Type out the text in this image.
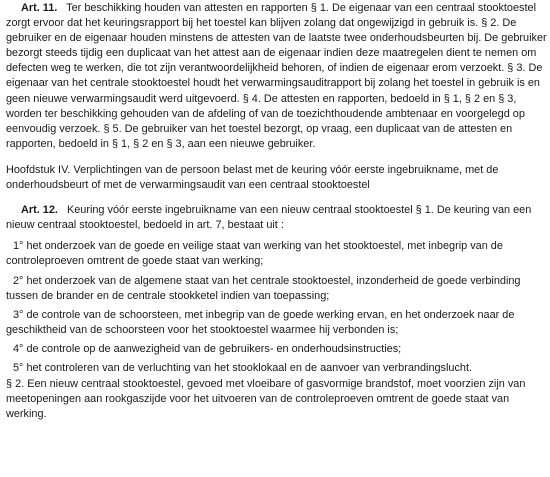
Art. 11. Ter beschikking houden van attesten en rapporten § 1. De eigenaar van een centraal stooktoestel zorgt ervoor dat het keuringsrapport bij het toestel kan blijven zolang dat ongewijzigd in gebruik is. § 2. De gebruiker en de eigenaar houden minstens de attesten van de laatste twee onderhoudsbeurten bij. De gebruiker bezorgt steeds tijdig een duplicaat van het attest aan de eigenaar indien deze maatregelen dient te nemen om defecten weg te werken, die tot zijn verantwoordelijkheid behoren, of indien de eigenaar erom verzoekt. § 3. De eigenaar van het centrale stooktoestel houdt het verwarmingsauditrapport bij zolang het toestel in gebruik is en geen nieuwe verwarmingsaudit werd uitgevoerd. § 4. De attesten en rapporten, bedoeld in § 1, § 2 en § 3, worden ter beschikking gehouden van de afdeling of van de toezichthoudende ambtenaar en voorgelegd op eenvoudig verzoek. § 5. De gebruiker van het toestel bezorgt, op vraag, een duplicaat van de attesten en rapporten, bedoeld in § 1, § 2 en § 3, aan een nieuwe gebruiker.

Hoofdstuk IV. Verplichtingen van de persoon belast met de keuring vóór eerste ingebruikname, met de onderhoudsbeurt of met de verwarmingsaudit van een centraal stooktoestel

Art. 12. Keuring vóór eerste ingebruikname van een nieuw centraal stooktoestel § 1. De keuring van een nieuw centraal stooktoestel, bedoeld in art. 7, bestaat uit :

1° het onderzoek van de goede en veilige staat van werking van het stooktoestel, met inbegrip van de controleproeven omtrent de goede staat van werking;

2° het onderzoek van de algemene staat van het centrale stooktoestel, inzonderheid de goede verbinding tussen de brander en de centrale stookketel indien van toepassing;

3° de controle van de schoorsteen, met inbegrip van de goede werking ervan, en het onderzoek naar de geschiktheid van de schoorsteen voor het stooktoestel waarmee hij verbonden is;

4° de controle op de aanwezigheid van de gebruikers- en onderhoudsinstructies;

5° het controleren van de verluchting van het stooklokaal en de aanvoer van verbrandingslucht.

§ 2. Een nieuw centraal stooktoestel, gevoed met vloeibare of gasvormige brandstof, moet voorzien zijn van meetopeningen aan rookgaszijde voor het uitvoeren van de controleproeven omtrent de goede staat van werking.
